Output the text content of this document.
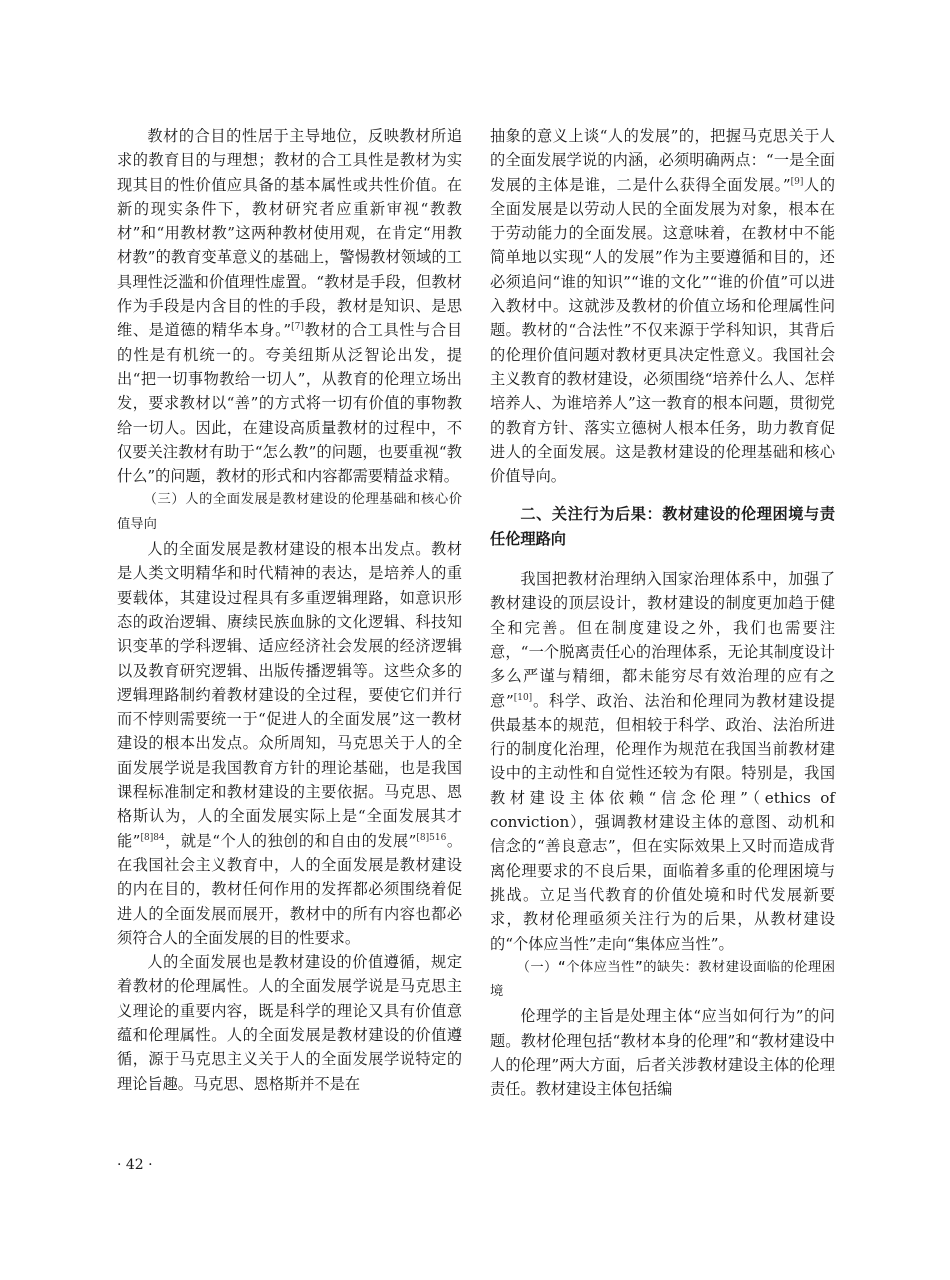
教材的合目的性居于主导地位，反映教材所追求的教育目的与理想；教材的合工具性是教材为实现其目的性价值应具备的基本属性或共性价值。在新的现实条件下，教材研究者应重新审视“教教材”和“用教材教”这两种教材使用观，在肯定“用教材教”的教育变革意义的基础上，警惕教材领域的工具理性泛滥和价值理性虚置。“教材是手段，但教材作为手段是内含目的性的手段，教材是知识、是思维、是道德的精华本身。”[7]教材的合工具性与合目的性是有机统一的。夸美纽斯从泛智论出发，提出“把一切事物教给一切人”，从教育的伦理立场出发，要求教材以“善”的方式将一切有价值的事物教给一切人。因此，在建设高质量教材的过程中，不仅要关注教材有助于“怎么教”的问题，也要重视“教什么”的问题，教材的形式和内容都需要精益求精。

（三）人的全面发展是教材建设的伦理基础和核心价值导向

人的全面发展是教材建设的根本出发点。教材是人类文明精华和时代精神的表达，是培养人的重要载体，其建设过程具有多重逻辑理路，如意识形态的政治逻辑、赓续民族血脉的文化逻辑、科技知识变革的学科逻辑、适应经济社会发展的经济逻辑以及教育研究逻辑、出版传播逻辑等。这些众多的逻辑理路制约着教材建设的全过程，要使它们并行而不悖则需要统一于“促进人的全面发展”这一教材建设的根本出发点。众所周知，马克思关于人的全面发展学说是我国教育方针的理论基础，也是我国课程标准制定和教材建设的主要依据。马克思、恩格斯认为，人的全面发展实际上是“全面发展其才能”$^{[8]84}$，就是“个人的独创的和自由的发展”$^{[8]516}$。在我国社会主义教育中，人的全面发展是教材建设的内在目的，教材任何作用的发挥都必须围绕着促进人的全面发展而展开，教材中的所有内容也都必须符合人的全面发展的目的性要求。

人的全面发展也是教材建设的价值遵循，规定着教材的伦理属性。人的全面发展学说是马克思主义理论的重要内容，既是科学的理论又具有价值意蕴和伦理属性。人的全面发展是教材建设的价值遵循，源于马克思主义关于人的全面发展学说特定的理论旨趣。马克思、恩格斯并不是在

抽象的意义上谈“人的发展”的，把握马克思关于人的全面发展学说的内涵，必须明确两点：“一是全面发展的主体是谁，二是什么获得全面发展。”[9]人的全面发展是以劳动人民的全面发展为对象，根本在于劳动能力的全面发展。这意味着，在教材中不能简单地以实现“人的发展”作为主要遵循和目的，还必须追问“谁的知识”“谁的文化”“谁的价值”可以进入教材中。这就涉及教材的价值立场和伦理属性问题。教材的“合法性”不仅来源于学科知识，其背后的伦理价值问题对教材更具决定性意义。我国社会主义教育的教材建设，必须围绕“培养什么人、怎样培养人、为谁培养人”这一教育的根本问题，贯彻党的教育方针、落实立德树人根本任务，助力教育促进人的全面发展。这是教材建设的伦理基础和核心价值导向。

二、关注行为后果：教材建设的伦理困境与责任伦理路向

我国把教材治理纳入国家治理体系中，加强了教材建设的顶层设计，教材建设的制度更加趋于健全和完善。但在制度建设之外，我们也需要注意，“一个脱离责任心的治理体系，无论其制度设计多么严谨与精细，都未能穷尽有效治理的应有之意”[10]。科学、政治、法治和伦理同为教材建设提供最基本的规范，但相较于科学、政治、法治所进行的制度化治理，伦理作为规范在我国当前教材建设中的主动性和自觉性还较为有限。特别是，我国教材建设主体依赖“信念伦理”（ethics of conviction），强调教材建设主体的意图、动机和信念的“善良意志”，但在实际效果上又时而造成背离伦理要求的不良后果，面临着多重的伦理困境与挑战。立足当代教育的价值处境和时代发展新要求，教材伦理亟须关注行为的后果，从教材建设的“个体应当性”走向“集体应当性”。

（一）“个体应当性”的缺失：教材建设面临的伦理困境

伦理学的主旨是处理主体“应当如何行为”的问题。教材伦理包括“教材本身的伦理”和“教材建设中人的伦理”两大方面，后者关涉教材建设主体的伦理责任。教材建设主体包括编

· 42 ·
